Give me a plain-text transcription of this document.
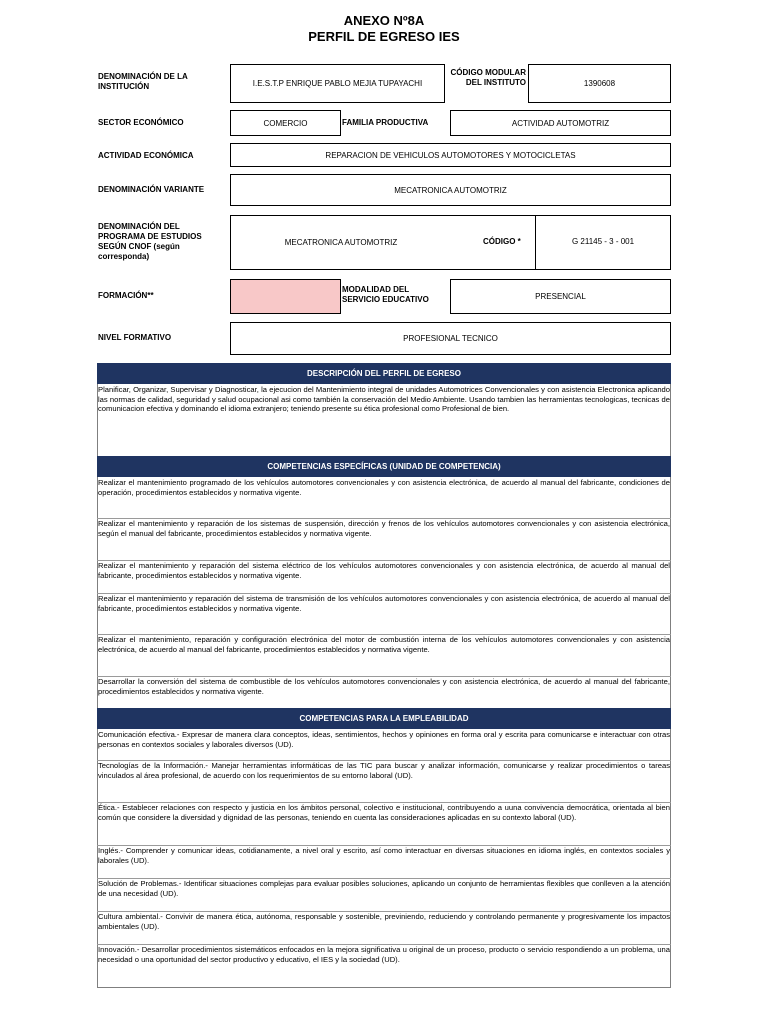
ANEXO Nº8A
PERFIL DE EGRESO IES
DENOMINACIÓN DE LA INSTITUCIÓN	I.E.S.T.P ENRIQUE PABLO MEJIA TUPAYACHI
CÓDIGO MODULAR DEL INSTITUTO	1390608
SECTOR ECONÓMICO	COMERCIO	FAMILIA PRODUCTIVA	ACTIVIDAD AUTOMOTRIZ
ACTIVIDAD ECONÓMICA	REPARACION DE VEHICULOS AUTOMOTORES Y MOTOCICLETAS
DENOMINACIÓN VARIANTE	MECATRONICA AUTOMOTRIZ
DENOMINACIÓN DEL PROGRAMA DE ESTUDIOS SEGÚN CNOF (según corresponda)
MECATRONICA AUTOMOTRIZ	CÓDIGO *	G 21145 - 3 - 001
FORMACIÓN**
MODALIDAD DEL SERVICIO EDUCATIVO	PRESENCIAL
NIVEL FORMATIVO	PROFESIONAL TECNICO
DESCRIPCIÓN DEL PERFIL DE EGRESO
Planificar, Organizar, Supervisar y Diagnosticar, la ejecucion del Mantenimiento integral de unidades Automotrices Convencionales y con asistencia Electronica aplicando las normas de calidad, seguridad y salud ocupacional asi como también la conservación del Medio Ambiente. Usando tambien las herramientas tecnologicas, tecnicas de comunicacion efectiva y dominando el idioma extranjero; teniendo presente su ética profesional como Profesional de bien.
COMPETENCIAS ESPECÍFICAS (UNIDAD DE COMPETENCIA)
Realizar el mantenimiento programado de los vehículos automotores convencionales y con asistencia electrónica, de acuerdo al manual del fabricante, condiciones de operación, procedimientos establecidos y normativa vigente.
Realizar el mantenimiento y reparación de los sistemas de suspensión, dirección y frenos de los vehículos automotores convencionales y con asistencia electrónica, según el manual del fabricante, procedimientos establecidos y normativa vigente.
Realizar el mantenimiento y reparación del sistema eléctrico de los vehículos automotores convencionales y con asistencia electrónica, de acuerdo al manual del fabricante, procedimientos establecidos y normativa vigente.
Realizar el mantenimiento y reparación del sistema de transmisión de los vehículos automotores convencionales y con asistencia electrónica, de acuerdo al manual del fabricante, procedimientos establecidos y normativa vigente.
Realizar el mantenimiento, reparación y configuración electrónica del motor de combustión interna de los vehículos automotores convencionales y con asistencia electrónica, de acuerdo al manual del fabricante, procedimientos establecidos y normativa vigente.
Desarrollar la conversión del sistema de combustible de los vehículos automotores convencionales y con asistencia electrónica, de acuerdo al manual del fabricante, procedimientos establecidos y normativa vigente.
COMPETENCIAS PARA LA EMPLEABILIDAD
Comunicación efectiva.- Expresar de manera clara conceptos, ideas, sentimientos, hechos y opiniones en forma oral y escrita para comunicarse e interactuar con otras personas en contextos sociales y laborales diversos (UD).
Tecnologías de la Información.- Manejar herramientas informáticas de las TIC para buscar y analizar información, comunicarse y realizar procedimientos o tareas vinculados al área profesional, de acuerdo con los requerimientos de su entorno laboral (UD).
Ética.- Establecer relaciones con respecto y justicia en los ámbitos personal, colectivo e institucional, contribuyendo a uuna convivencia democrática, orientada al bien común que considere la diversidad y dignidad de las personas, teniendo en cuenta las consideraciones aplicadas en su contexto laboral (UD).
Inglés.- Comprender y comunicar ideas, cotidianamente, a nivel oral y escrito, así como interactuar en diversas situaciones en idioma inglés, en contextos sociales y laborales (UD).
Solución de Problemas.- Identificar situaciones complejas para evaluar posibles soluciones, aplicando un conjunto de herramientas flexibles que conlleven a la atención de una necesidad (UD).
Cultura ambiental.- Convivir de manera ética, autónoma, responsable y sostenible, previniendo, reduciendo y controlando permanente y progresivamente los impactos ambientales (UD).
Innovación.- Desarrollar procedimientos sistemáticos enfocados en la mejora significativa u original de un proceso, producto o servicio respondiendo a un problema, una necesidad o una oportunidad del sector productivo y educativo, el IES y la sociedad (UD).
